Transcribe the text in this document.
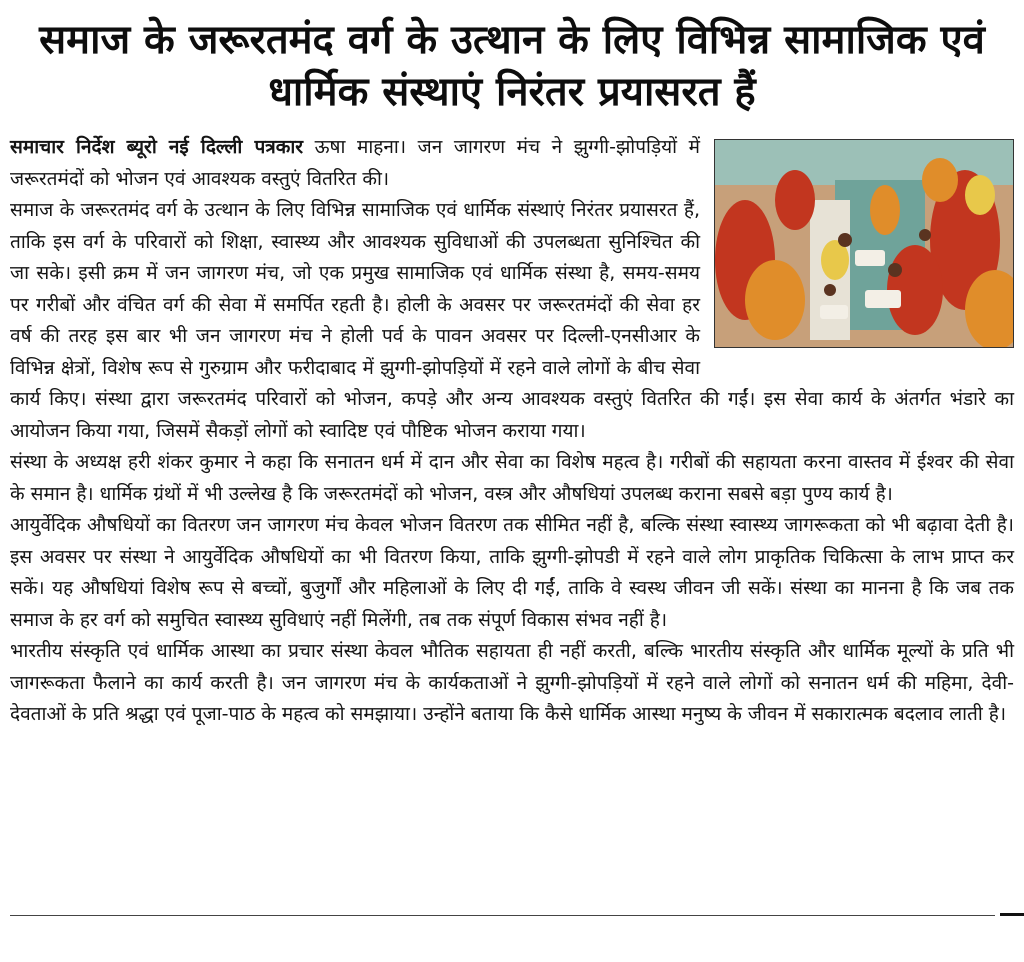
समाज के जरूरतमंद वर्ग के उत्थान के लिए विभिन्न सामाजिक एवं
धार्मिक संस्थाएं निरंतर प्रयासरत हैं

समाचार निर्देश ब्यूरो नई दिल्ली पत्रकार ऊषा माहना। जन जागरण मंच ने झुग्गी-झोपड़ियों में जरूरतमंदों को भोजन एवं आवश्यक वस्तुएं वितरित की।

समाज के जरूरतमंद वर्ग के उत्थान के लिए विभिन्न सामाजिक एवं धार्मिक संस्थाएं निरंतर प्रयासरत हैं, ताकि इस वर्ग के परिवारों को शिक्षा, स्वास्थ्य और आवश्यक सुविधाओं की उपलब्धता सुनिश्चित की जा सके। इसी क्रम में जन जागरण मंच, जो एक प्रमुख सामाजिक एवं धार्मिक संस्था है, समय-समय पर गरीबों और वंचित वर्ग की सेवा में समर्पित रहती है। होली के अवसर पर जरूरतमंदों की सेवा हर वर्ष की तरह इस बार भी जन जागरण मंच ने होली पर्व के पावन अवसर पर दिल्ली-एनसीआर के विभिन्न क्षेत्रों, विशेष रूप से गुरुग्राम और फरीदाबाद में झुग्गी-झोपड़ियों में रहने वाले लोगों के बीच सेवा कार्य किए। संस्था द्वारा जरूरतमंद परिवारों को भोजन, कपड़े और अन्य आवश्यक वस्तुएं वितरित की गईं। इस सेवा कार्य के अंतर्गत भंडारे का आयोजन किया गया, जिसमें सैकड़ों लोगों को स्वादिष्ट एवं पौष्टिक भोजन कराया गया।

संस्था के अध्यक्ष हरी शंकर कुमार ने कहा कि सनातन धर्म में दान और सेवा का विशेष महत्व है। गरीबों की सहायता करना वास्तव में ईश्वर की सेवा के समान है। धार्मिक ग्रंथों में भी उल्लेख है कि जरूरतमंदों को भोजन, वस्त्र और औषधियां उपलब्ध कराना सबसे बड़ा पुण्य कार्य है।

आयुर्वेदिक औषधियों का वितरण जन जागरण मंच केवल भोजन वितरण तक सीमित नहीं है, बल्कि संस्था स्वास्थ्य जागरूकता को भी बढ़ावा देती है। इस अवसर पर संस्था ने आयुर्वेदिक औषधियों का भी वितरण किया, ताकि झुग्गी-झोपडी में रहने वाले लोग प्राकृतिक चिकित्सा के लाभ प्राप्त कर सकें। यह औषधियां विशेष रूप से बच्चों, बुजुर्गों और महिलाओं के लिए दी गईं, ताकि वे स्वस्थ जीवन जी सकें। संस्था का मानना है कि जब तक समाज के हर वर्ग को समुचित स्वास्थ्य सुविधाएं नहीं मिलेंगी, तब तक संपूर्ण विकास संभव नहीं है।

भारतीय संस्कृति एवं धार्मिक आस्था का प्रचार संस्था केवल भौतिक सहायता ही नहीं करती, बल्कि भारतीय संस्कृति और धार्मिक मूल्यों के प्रति भी जागरूकता फैलाने का कार्य करती है। जन जागरण मंच के कार्यकताओं ने झुग्गी-झोपड़ियों में रहने वाले लोगों को सनातन धर्म की महिमा, देवी-देवताओं के प्रति श्रद्धा एवं पूजा-पाठ के महत्व को समझाया। उन्होंने बताया कि कैसे धार्मिक आस्था मनुष्य के जीवन में सकारात्मक बदलाव लाती है।
